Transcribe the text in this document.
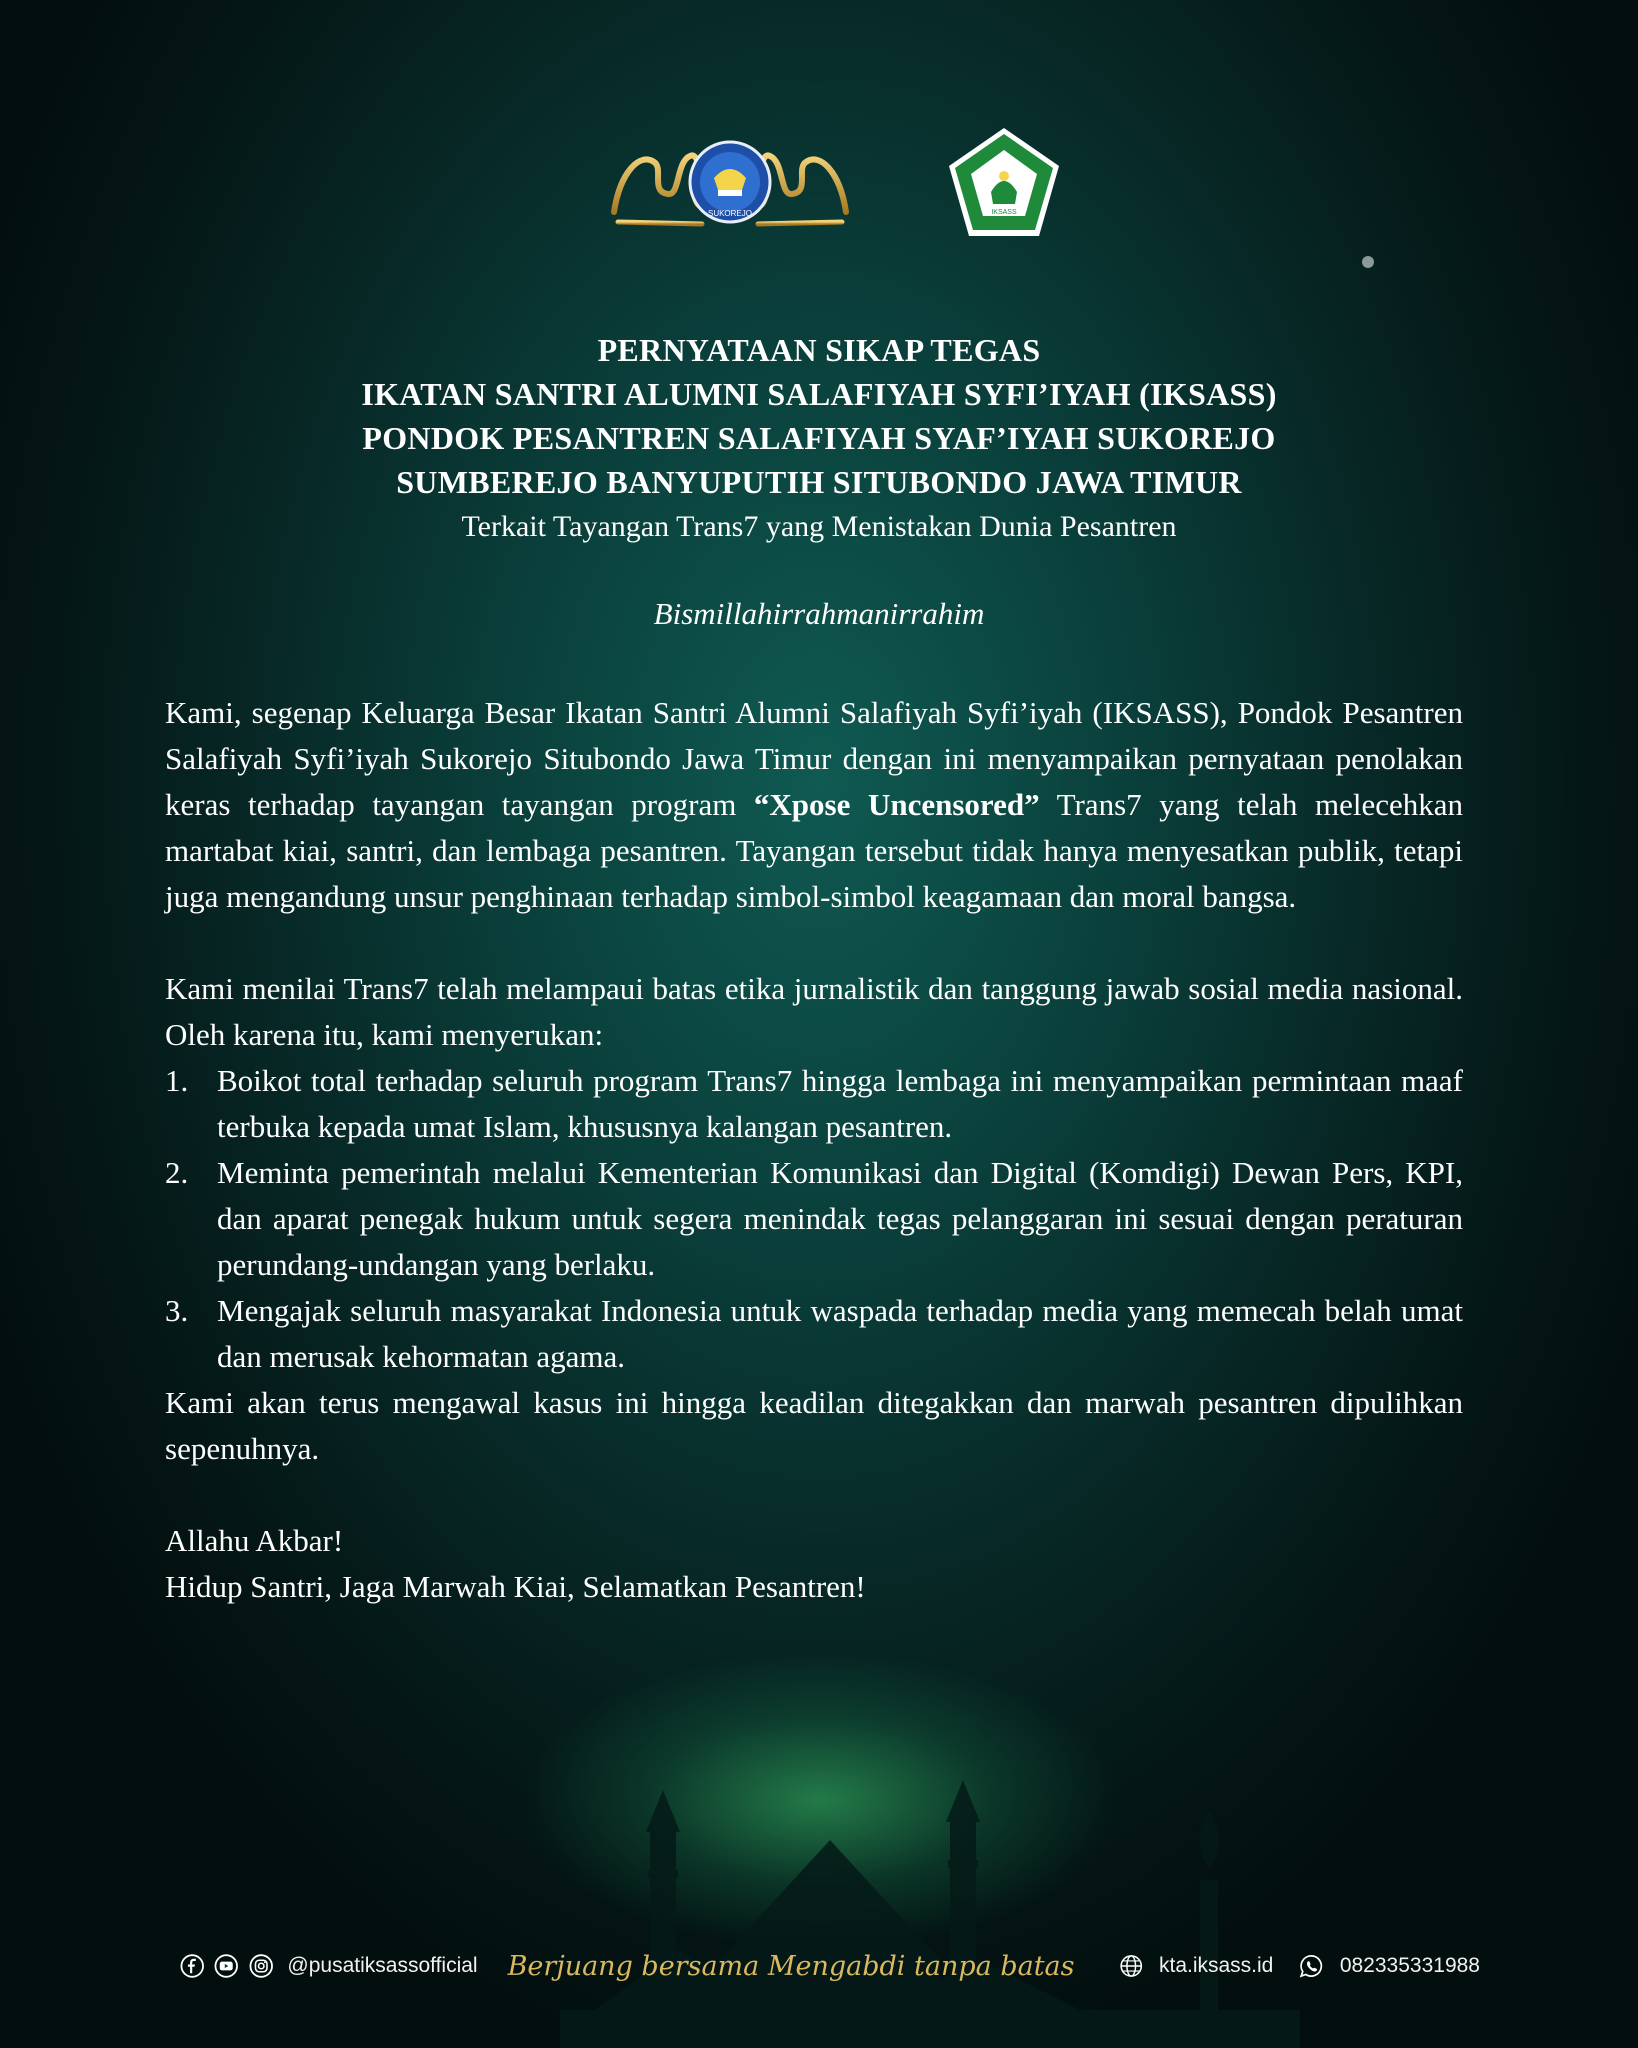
SUKOREJO	IKSASS
PERNYATAAN SIKAP TEGAS
IKATAN SANTRI ALUMNI SALAFIYAH SYFI’IYAH (IKSASS)
PONDOK PESANTREN SALAFIYAH SYAF’IYAH SUKOREJO
SUMBEREJO BANYUPUTIH SITUBONDO JAWA TIMUR
Terkait Tayangan Trans7 yang Menistakan Dunia Pesantren
Bismillahirrahmanirrahim

Kami, segenap Keluarga Besar Ikatan Santri Alumni Salafiyah Syfi’iyah (IKSASS), Pondok Pesantren Salafiyah Syfi’iyah Sukorejo Situbondo Jawa Timur dengan ini menyampaikan pernyataan penolakan keras terhadap tayangan tayangan program “Xpose Uncensored” Trans7 yang telah melecehkan martabat kiai, santri, dan lembaga pesantren. Tayangan tersebut tidak hanya menyesatkan publik, tetapi juga mengandung unsur penghinaan terhadap simbol-simbol keagamaan dan moral bangsa.

Kami menilai Trans7 telah melampaui batas etika jurnalistik dan tanggung jawab sosial media nasional. Oleh karena itu, kami menyerukan:

1. Boikot total terhadap seluruh program Trans7 hingga lembaga ini menyampaikan permintaan maaf terbuka kepada umat Islam, khususnya kalangan pesantren.
2. Meminta pemerintah melalui Kementerian Komunikasi dan Digital (Komdigi) Dewan Pers, KPI, dan aparat penegak hukum untuk segera menindak tegas pelanggaran ini sesuai dengan peraturan perundang-undangan yang berlaku.
3. Mengajak seluruh masyarakat Indonesia untuk waspada terhadap media yang memecah belah umat dan merusak kehormatan agama.

Kami akan terus mengawal kasus ini hingga keadilan ditegakkan dan marwah pesantren dipulihkan sepenuhnya.

Allahu Akbar!
Hidup Santri, Jaga Marwah Kiai, Selamatkan Pesantren!
@pusatiksassofficial Berjuang bersama Mengabdi tanpa batas	kta.iksass.id	082335331988
